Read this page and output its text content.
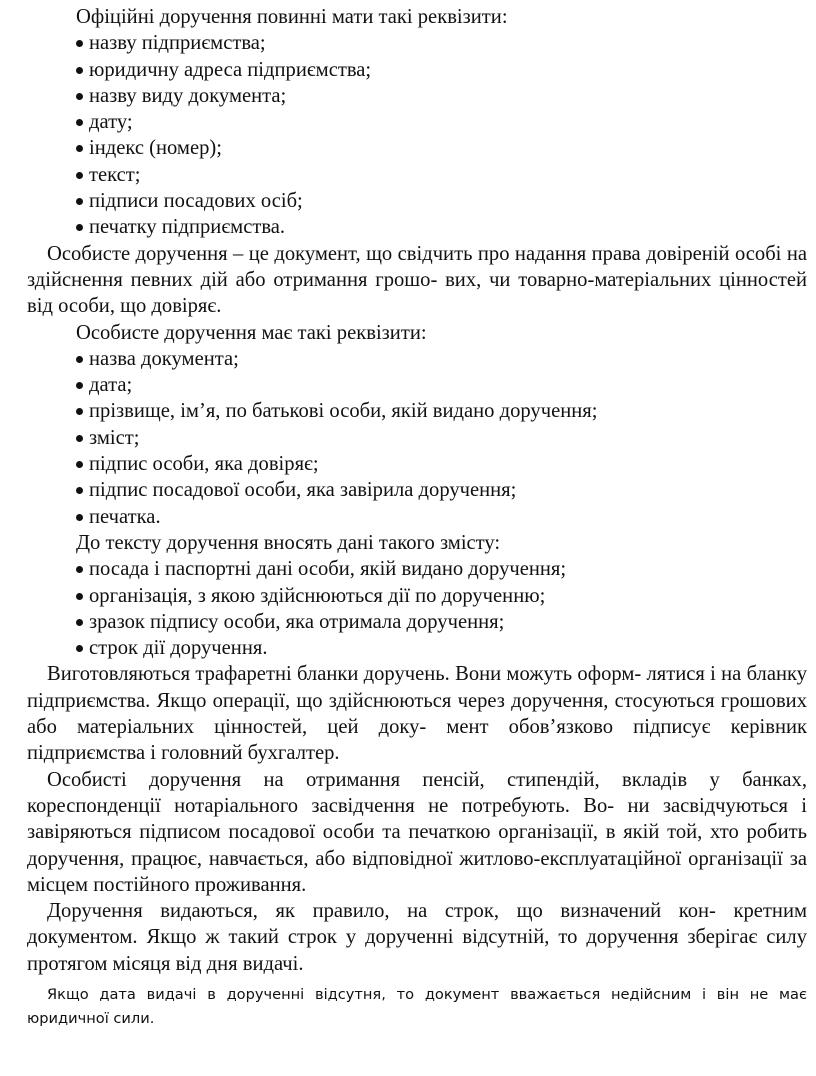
Офіційні доручення повинні мати такі реквізити:

назву підприємства;
юридичну адреса підприємства;
назву виду документа;
дату;
індекс (номер);
текст;
підписи посадових осіб;
печатку підприємства.

Особисте доручення – це документ, що свідчить про надання права довіреній особі на здійснення певних дій або отримання грошо- вих, чи товарно-матеріальних цінностей від особи, що довіряє.

Особисте доручення має такі реквізити:

назва документа;
дата;
прізвище, ім’я, по батькові особи, якій видано доручення;
зміст;
підпис особи, яка довіряє;
підпис посадової особи, яка завірила доручення;
печатка.

До тексту доручення вносять дані такого змісту:

посада і паспортні дані особи, якій видано доручення;
організація, з якою здійснюються дії по дорученню;
зразок підпису особи, яка отримала доручення;
строк дії доручення.

Виготовляються трафаретні бланки доручень. Вони можуть оформ- лятися і на бланку підприємства. Якщо операції, що здійснюються через доручення, стосуються грошових або матеріальних цінностей, цей доку- мент обов’язково підписує керівник підприємства і головний бухгалтер.

Особисті доручення на отримання пенсій, стипендій, вкладів у банках, кореспонденції нотаріального засвідчення не потребують. Во- ни засвідчуються і завіряються підписом посадової особи та печаткою організації, в якій той, хто робить доручення, працює, навчається, або відповідної житлово-експлуатаційної організації за місцем постійного проживання.

Доручення видаються, як правило, на строк, що визначений кон- кретним документом. Якщо ж такий строк у дорученні відсутній, то доручення зберігає силу протягом місяця від дня видачі.

Якщо дата видачі в дорученні відсутня, то документ вважається недійсним і він не має юридичної сили.
